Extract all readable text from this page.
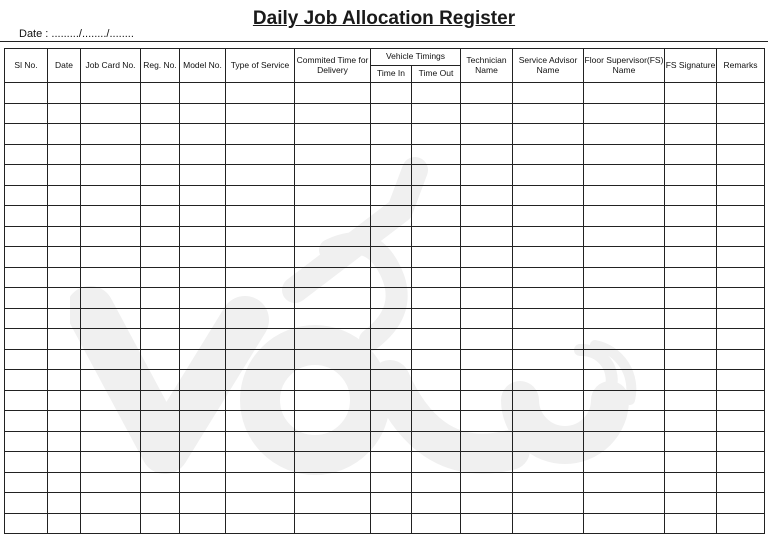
Daily Job Allocation Register
Date : ........./......../........
Sl No.	Date	Job Card No.	Reg. No.	Model No.	Type of Service	Commited Time for Delivery	Vehicle Timings		Technician Name	Service Advisor Name	Floor Supervisor(FS) Name	FS Signature	Remarks
							Time In	Time Out					
